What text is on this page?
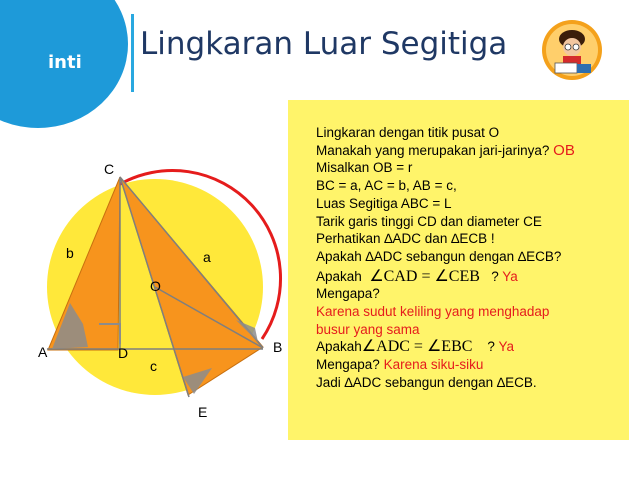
inti
Lingkaran Luar Segitiga
C
A	B
D
E
O
a
b
c
Lingkaran dengan titik pusat O
Manakah yang merupakan jari-jarinya? OB
Misalkan OB = r
BC = a, AC = b, AB = c,
Luas Segitiga ABC = L
Tarik garis tinggi CD dan diameter CE
Perhatikan ∆ADC dan ∆ECB !
Apakah ∆ADC sebangun dengan ∆ECB?
Apakah ∠CAD = ∠CEB ? Ya
Mengapa?
Karena sudut keliling yang menghadap
busur yang sama
Apakah∠ADC = ∠EBC ? Ya
Mengapa? Karena siku-siku
Jadi ∆ADC sebangun dengan ∆ECB.
